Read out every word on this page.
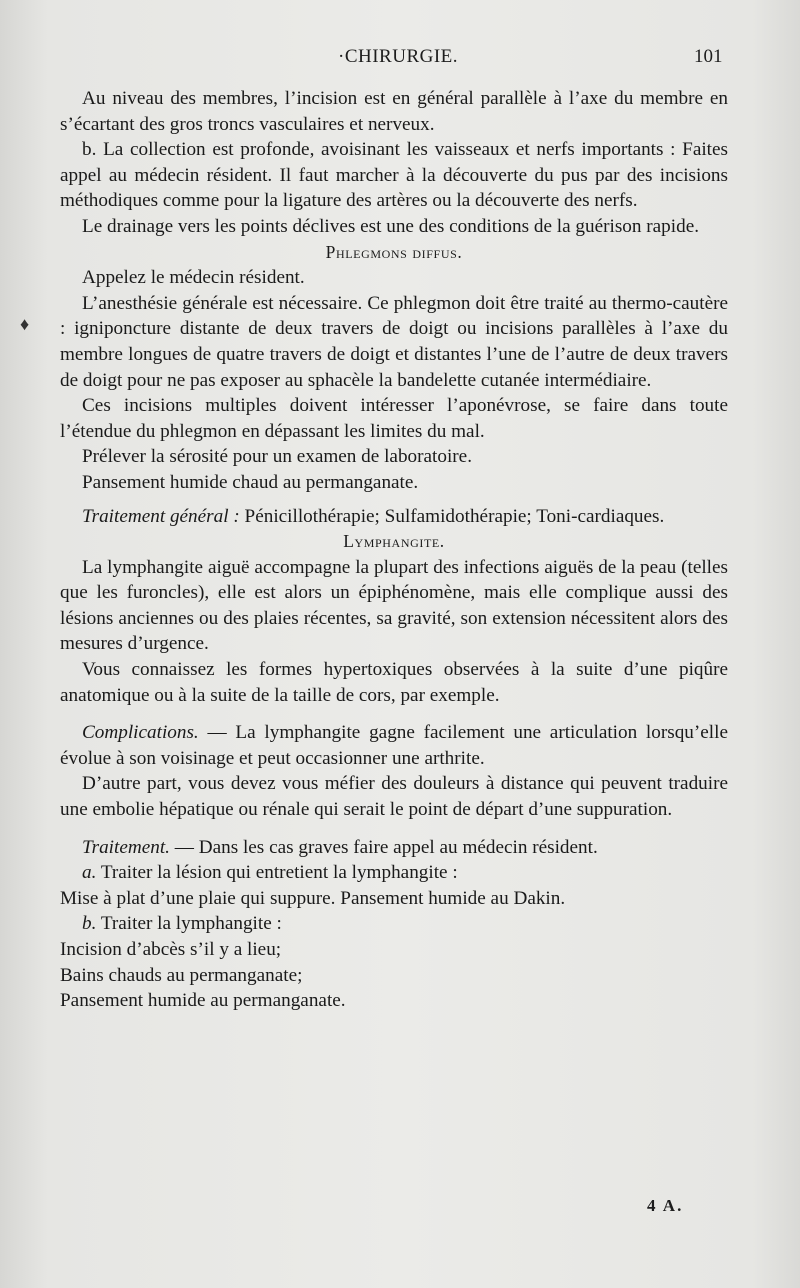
·CHIRURGIE.	101
♦

Au niveau des membres, l’incision est en général parallèle à l’axe du membre en s’écartant des gros troncs vasculaires et nerveux.

b. La collection est profonde, avoisinant les vaisseaux et nerfs importants : Faites appel au médecin résident. Il faut marcher à la découverte du pus par des incisions méthodiques comme pour la ligature des artères ou la découverte des nerfs.

Le drainage vers les points déclives est une des conditions de la guérison rapide.

Phlegmons diffus.

Appelez le médecin résident.

L’anesthésie générale est nécessaire. Ce phlegmon doit être traité au thermo-cautère : igniponcture distante de deux travers de doigt ou incisions parallèles à l’axe du membre longues de quatre travers de doigt et distantes l’une de l’autre de deux travers de doigt pour ne pas exposer au sphacèle la bandelette cutanée intermédiaire.

Ces incisions multiples doivent intéresser l’aponévrose, se faire dans toute l’étendue du phlegmon en dépassant les limites du mal.

Prélever la sérosité pour un examen de laboratoire.

Pansement humide chaud au permanganate.

Traitement général : Pénicillothérapie; Sulfamidothérapie; Toni-cardiaques.

Lymphangite.

La lymphangite aiguë accompagne la plupart des infections aiguës de la peau (telles que les furoncles), elle est alors un épiphénomène, mais elle complique aussi des lésions anciennes ou des plaies récentes, sa gravité, son extension nécessitent alors des mesures d’urgence.

Vous connaissez les formes hypertoxiques observées à la suite d’une piqûre anatomique ou à la suite de la taille de cors, par exemple.

Complications. — La lymphangite gagne facilement une articulation lorsqu’elle évolue à son voisinage et peut occasionner une arthrite.

D’autre part, vous devez vous méfier des douleurs à distance qui peuvent traduire une embolie hépatique ou rénale qui serait le point de départ d’une suppuration.

Traitement. — Dans les cas graves faire appel au médecin résident.

a. Traiter la lésion qui entretient la lymphangite :

Mise à plat d’une plaie qui suppure. Pansement humide au Dakin.

b. Traiter la lymphangite :

Incision d’abcès s’il y a lieu;

Bains chauds au permanganate;

Pansement humide au permanganate.

4 A.
